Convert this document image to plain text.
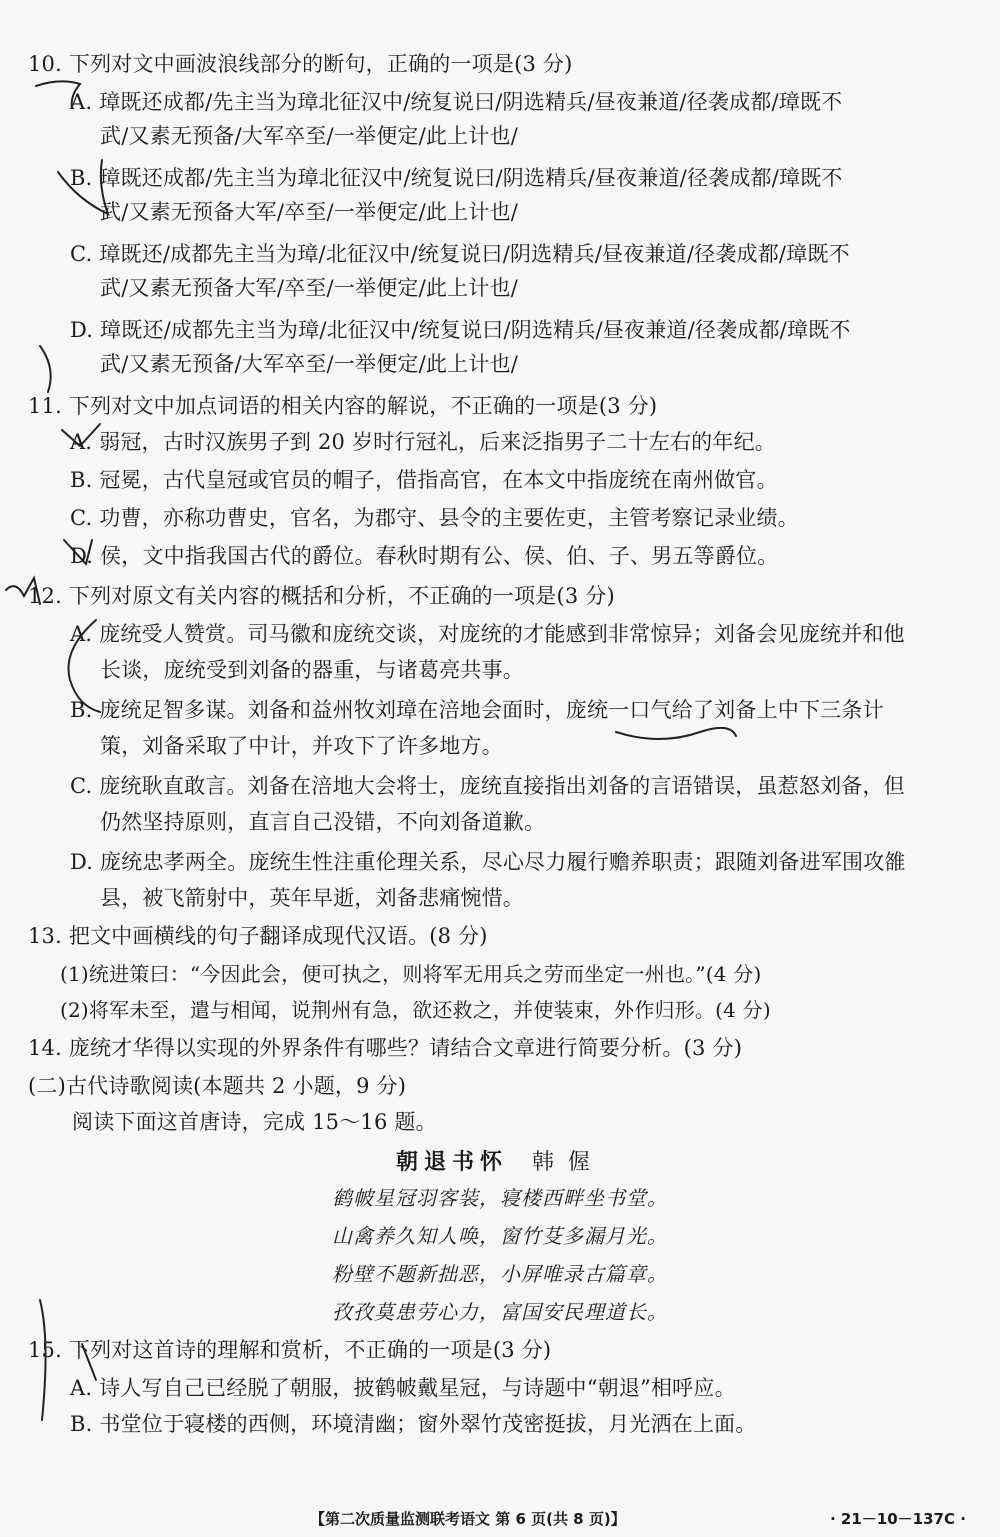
10. 下列对文中画波浪线部分的断句，正确的一项是(3 分)
A. 璋既还成都/先主当为璋北征汉中/统复说曰/阴选精兵/昼夜兼道/径袭成都/璋既不
武/又素无预备/大军卒至/一举便定/此上计也/
B. 璋既还成都/先主当为璋北征汉中/统复说曰/阴选精兵/昼夜兼道/径袭成都/璋既不
武/又素无预备大军/卒至/一举便定/此上计也/
C. 璋既还/成都先主当为璋/北征汉中/统复说曰/阴选精兵/昼夜兼道/径袭成都/璋既不
武/又素无预备大军/卒至/一举便定/此上计也/
D. 璋既还/成都先主当为璋/北征汉中/统复说曰/阴选精兵/昼夜兼道/径袭成都/璋既不
武/又素无预备/大军卒至/一举便定/此上计也/
11. 下列对文中加点词语的相关内容的解说，不正确的一项是(3 分)
A. 弱冠，古时汉族男子到 20 岁时行冠礼，后来泛指男子二十左右的年纪。
B. 冠冕，古代皇冠或官员的帽子，借指高官，在本文中指庞统在南州做官。
C. 功曹，亦称功曹史，官名，为郡守、县令的主要佐吏，主管考察记录业绩。
D. 侯，文中指我国古代的爵位。春秋时期有公、侯、伯、子、男五等爵位。
12. 下列对原文有关内容的概括和分析，不正确的一项是(3 分)
A. 庞统受人赞赏。司马徽和庞统交谈，对庞统的才能感到非常惊异；刘备会见庞统并和他
长谈，庞统受到刘备的器重，与诸葛亮共事。
B. 庞统足智多谋。刘备和益州牧刘璋在涪地会面时，庞统一口气给了刘备上中下三条计
策，刘备采取了中计，并攻下了许多地方。
C. 庞统耿直敢言。刘备在涪地大会将士，庞统直接指出刘备的言语错误，虽惹怒刘备，但
仍然坚持原则，直言自己没错，不向刘备道歉。
D. 庞统忠孝两全。庞统生性注重伦理关系，尽心尽力履行赡养职责；跟随刘备进军围攻雒
县，被飞箭射中，英年早逝，刘备悲痛惋惜。
13. 把文中画横线的句子翻译成现代汉语。(8 分)
(1)统进策曰：“今因此会，便可执之，则将军无用兵之劳而坐定一州也。”(4 分)
(2)将军未至，遣与相闻，说荆州有急，欲还救之，并使装束，外作归形。(4 分)
14. 庞统才华得以实现的外界条件有哪些？请结合文章进行简要分析。(3 分)
(二)古代诗歌阅读(本题共 2 小题，9 分)
阅读下面这首唐诗，完成 15～16 题。
朝退书怀 韩偓
鹤帔星冠羽客装，寝楼西畔坐书堂。
山禽养久知人唤，窗竹芟多漏月光。
粉壁不题新拙恶，小屏唯录古篇章。
孜孜莫患劳心力，富国安民理道长。
15. 下列对这首诗的理解和赏析，不正确的一项是(3 分)
A. 诗人写自己已经脱了朝服，披鹤帔戴星冠，与诗题中“朝退”相呼应。
B. 书堂位于寝楼的西侧，环境清幽；窗外翠竹茂密挺拔，月光洒在上面。
【第二次质量监测联考语文 第 6 页(共 8 页)】	· 21－10－137C ·
